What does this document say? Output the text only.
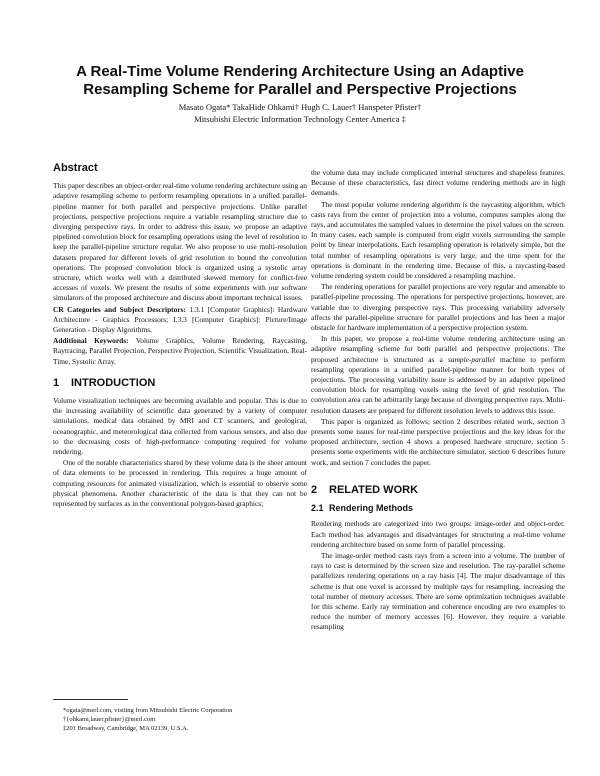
A Real-Time Volume Rendering Architecture Using an Adaptive
Resampling Scheme for Parallel and Perspective Projections
Masato Ogata* TakaHide Ohkami† Hugh C. Lauer† Hanspeter Pfister†
Mitsubishi Electric Information Technology Center America ‡
Abstract

This paper describes an object-order real-time volume rendering architecture using an adaptive resampling scheme to perform resampling operations in a unified parallel-pipeline manner for both parallel and perspective projections. Unlike parallel projections, perspective projections require a variable resampling structure due to diverging perspective rays. In order to address this issue, we propose an adaptive pipelined convolution block for resampling operations using the level of resolution to keep the parallel-pipeline structure regular. We also propose to use multi-resolution datasets prepared for different levels of grid resolution to bound the convolution operations. The proposed convolution block is organized using a systolic array structure, which works well with a distributed skewed memory for conflict-free accesses of voxels. We present the results of some experiments with our software simulators of the proposed architecture and discuss about important technical issues.

CR Categories and Subject Descriptors: 1.3.1 [Computer Graphics]: Hardware Architecture - Graphics Processors; I.3.3 [Computer Graphics]: Picture/Image Generation - Display Algorithms.

Additional Keywords: Volume Graphics, Volume Rendering, Raycasting, Raytracing, Parallel Projection, Perspective Projection, Scientific Visualization, Real-Time, Systolic Array.

1 INTRODUCTION

Volume visualization techniques are becoming available and popular. This is due to the increasing availability of scientific data generated by a variety of computer simulations, medical data obtained by MRI and CT scanners, and geological, oceanographic, and meteorological data collected from various sensors, and also due to the decreasing costs of high-performance computing required for volume rendering.

One of the notable characteristics shared by these volume data is the sheer amount of data elements to be processed in rendering. This requires a huge amount of computing resources for animated visualization, which is essential to observe some physical phenomena. Another characteristic of the data is that they can not be represented by surfaces as in the conventional polygon-based graphics;

*ogata@merl.com, visiting from Mitsubishi Electric Corporation
†{ohkami,lauer,pfister}@merl.com
‡201 Broadway, Cambridge, MA 02139, U.S.A.

the volume data may include complicated internal structures and shapeless features. Because of these characteristics, fast direct volume rendering methods are in high demands.

The most popular volume rendering algorithm is the raycasting algorithm, which casts rays from the center of projection into a volume, computes samples along the rays, and accumulates the sampled values to determine the pixel values on the screen. In many cases, each sample is computed from eight voxels surrounding the sample point by linear interpolations. Each resampling operation is relatively simple, but the total number of resampling operations is very large, and the time spent for the operations is dominant in the rendering time. Because of this, a raycasting-based volume rendering system could be considered a resampling machine.

The rendering operations for parallel projections are very regular and amenable to parallel-pipeline processing. The operations for perspective projections, however, are variable due to diverging perspective rays. This processing variability adversely affects the parallel-pipeline structure for parallel projections and has been a major obstacle for hardware implementation of a perspective projection system.

In this paper, we propose a real-time volume rendering architecture using an adaptive resampling scheme for both parallel and perspective projections. The proposed architecture is structured as a sample-parallel machine to perform resampling operations in a unified parallel-pipeline manner for both types of projections. The processing variability issue is addressed by an adaptive pipelined convolution block for resampling voxels using the level of grid resolution. The convolution area can be arbitrarily large because of diverging perspective rays. Multi-resolution datasets are prepared for different resolution levels to address this issue.

This paper is organized as follows; section 2 describes related work, section 3 presents some issues for real-time perspective projections and the key ideas for the proposed architecture, section 4 shows a proposed hardware structure, section 5 presents some experiments with the architecture simulator, section 6 describes future work, and section 7 concludes the paper.

2 RELATED WORK
2.1 Rendering Methods

Rendering methods are categorized into two groups: image-order and object-order. Each method has advantages and disadvantages for structuring a real-time volume rendering architecture based on some form of parallel processing.

The image-order method casts rays from a screen into a volume. The number of rays to cast is determined by the screen size and resolution. The ray-parallel scheme parallelizes rendering operations on a ray basis [4]. The major disadvantage of this scheme is that one voxel is accessed by multiple rays for resampling, increasing the total number of memory accesses. There are some optimization techniques available for this scheme. Early ray termination and coherence encoding are two examples to reduce the number of memory accesses [6]. However, they require a variable resampling
